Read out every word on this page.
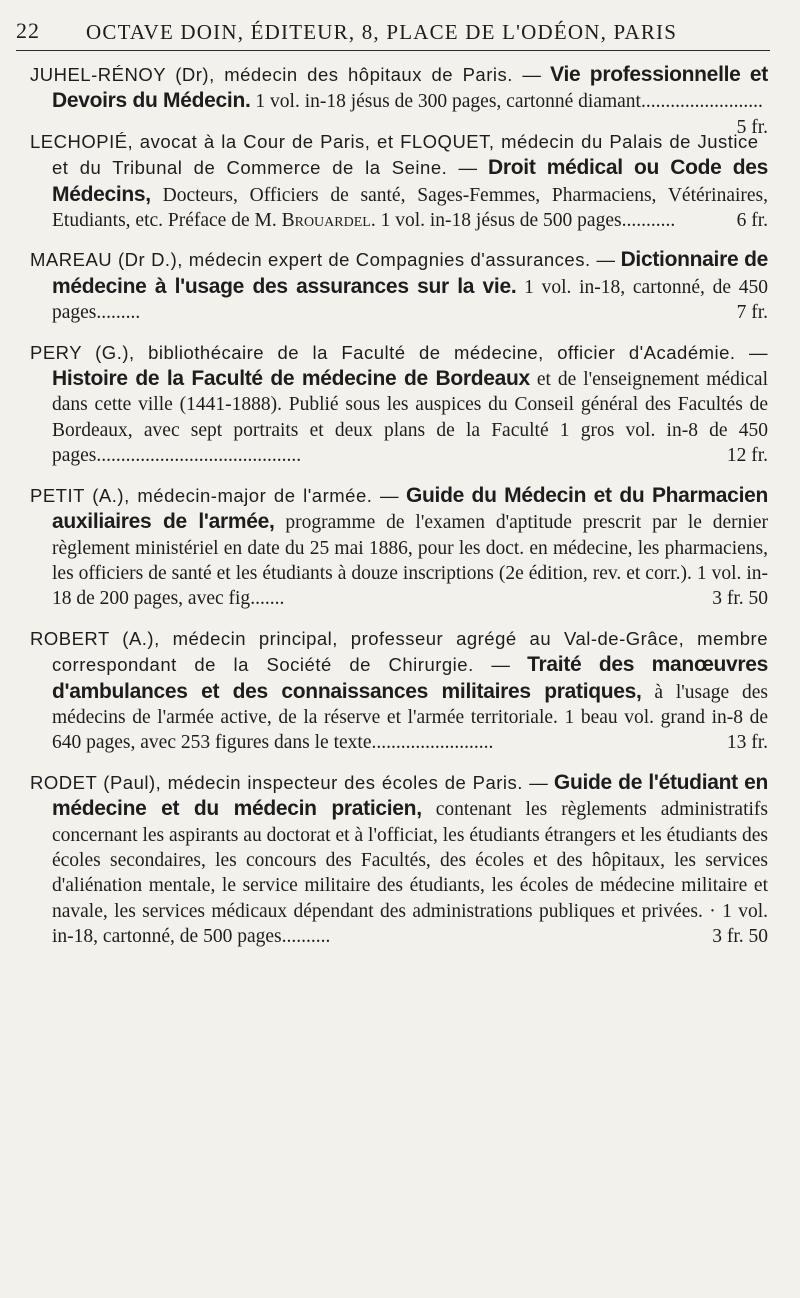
22 OCTAVE DOIN, ÉDITEUR, 8, PLACE DE L'ODÉON, PARIS

JUHEL-RÉNOY (Dr), médecin des hôpitaux de Paris. — Vie professionnelle et Devoirs du Médecin. 1 vol. in-18 jésus de 300 pages, cartonné diamant.........................
5 fr.

LECHOPIÉ, avocat à la Cour de Paris, et FLOQUET, médecin du Palais de Justice et du Tribunal de Commerce de la Seine. — Droit médical ou Code des Médecins, Docteurs, Officiers de santé, Sages-Femmes, Pharmaciens, Vétérinaires, Etudiants, etc. Préface de M. Brouardel. 1 vol. in-18 jésus de 500 pages...........	6 fr.

MAREAU (Dr D.), médecin expert de Compagnies d'assurances. — Dictionnaire de médecine à l'usage des assurances sur la vie. 1 vol. in-18, cartonné, de 450 pages.........	7 fr.

PERY (G.), bibliothécaire de la Faculté de médecine, officier d'Académie. — Histoire de la Faculté de médecine de Bordeaux et de l'enseignement médical dans cette ville (1441-1888). Publié sous les auspices du Conseil général des Facultés de Bordeaux, avec sept portraits et deux plans de la Faculté 1 gros vol. in-8 de 450 pages..........................................	12 fr.

PETIT (A.), médecin-major de l'armée. — Guide du Médecin et du Pharmacien auxiliaires de l'armée, programme de l'examen d'aptitude prescrit par le dernier règlement ministériel en date du 25 mai 1886, pour les doct. en médecine, les pharmaciens, les officiers de santé et les étudiants à douze inscriptions (2e édition, rev. et corr.). 1 vol. in-18 de 200 pages, avec fig.......	3 fr. 50

ROBERT (A.), médecin principal, professeur agrégé au Val-de-Grâce, membre correspondant de la Société de Chirurgie. — Traité des manœuvres d'ambulances et des connaissances militaires pratiques, à l'usage des médecins de l'armée active, de la réserve et l'armée territoriale. 1 beau vol. grand in-8 de 640 pages, avec 253 figures dans le texte.........................	13 fr.

RODET (Paul), médecin inspecteur des écoles de Paris. — Guide de l'étudiant en médecine et du médecin praticien, contenant les règlements administratifs concernant les aspirants au doctorat et à l'officiat, les étudiants étrangers et les étudiants des écoles secondaires, les concours des Facultés, des écoles et des hôpitaux, les services d'aliénation mentale, le service militaire des étudiants, les écoles de médecine militaire et navale, les services médicaux dépendant des administrations publiques et privées. · 1 vol. in-18, cartonné, de 500 pages..........	3 fr. 50
